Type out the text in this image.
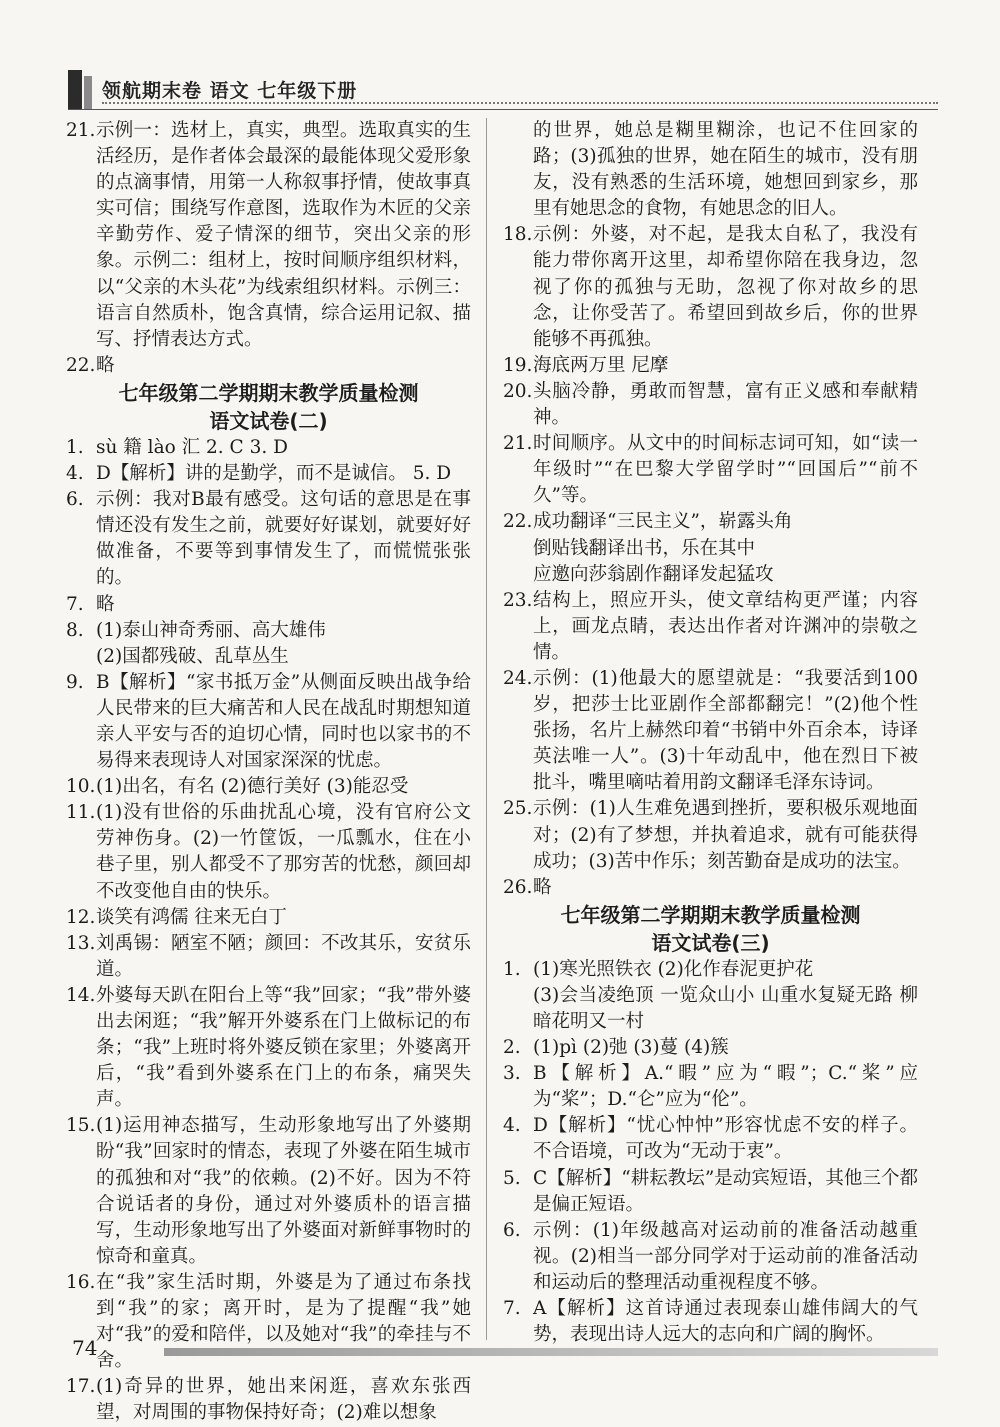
领航期末卷 语文 七年级下册
21. 示例一：选材上，真实，典型。选取真实的生活经历，是作者体会最深的最能体现父爱形象的点滴事情，用第一人称叙事抒情，使故事真实可信；围绕写作意图，选取作为木匠的父亲辛勤劳作、爱子情深的细节，突出父亲的形象。示例二：组材上，按时间顺序组织材料，以“父亲的木头花”为线索组织材料。示例三：语言自然质朴，饱含真情，综合运用记叙、描写、抒情表达方式。
22. 略
七年级第二学期期末教学质量检测
语文试卷(二)
1. sù 籍 lào 汇 2. C 3. D
4. D【解析】讲的是勤学，而不是诚信。 5. D
6. 示例：我对B最有感受。这句话的意思是在事情还没有发生之前，就要好好谋划，就要好好做准备，不要等到事情发生了，而慌慌张张的。
7. 略
8. (1)泰山神奇秀丽、高大雄伟
(2)国都残破、乱草丛生
9. B【解析】“家书抵万金”从侧面反映出战争给人民带来的巨大痛苦和人民在战乱时期想知道亲人平安与否的迫切心情，同时也以家书的不易得来表现诗人对国家深深的忧虑。
10. (1)出名，有名 (2)德行美好 (3)能忍受
11. (1)没有世俗的乐曲扰乱心境，没有官府公文劳神伤身。(2)一竹筐饭，一瓜瓢水，住在小巷子里，别人都受不了那穷苦的忧愁，颜回却不改变他自由的快乐。
12. 谈笑有鸿儒 往来无白丁
13. 刘禹锡：陋室不陋；颜回：不改其乐，安贫乐道。
14. 外婆每天趴在阳台上等“我”回家；“我”带外婆出去闲逛；“我”解开外婆系在门上做标记的布条；“我”上班时将外婆反锁在家里；外婆离开后，“我”看到外婆系在门上的布条，痛哭失声。
15. (1)运用神态描写，生动形象地写出了外婆期盼“我”回家时的情态，表现了外婆在陌生城市的孤独和对“我”的依赖。(2)不好。因为不符合说话者的身份，通过对外婆质朴的语言描写，生动形象地写出了外婆面对新鲜事物时的惊奇和童真。
16. 在“我”家生活时期，外婆是为了通过布条找到“我”的家；离开时，是为了提醒“我”她对“我”的爱和陪伴，以及她对“我”的牵挂与不舍。
17. (1)奇异的世界，她出来闲逛，喜欢东张西望，对周围的事物保持好奇；(2)难以想象
的世界，她总是糊里糊涂，也记不住回家的路；(3)孤独的世界，她在陌生的城市，没有朋友，没有熟悉的生活环境，她想回到家乡，那里有她思念的食物，有她思念的旧人。
18. 示例：外婆，对不起，是我太自私了，我没有能力带你离开这里，却希望你陪在我身边，忽视了你的孤独与无助，忽视了你对故乡的思念，让你受苦了。希望回到故乡后，你的世界能够不再孤独。
19. 海底两万里 尼摩
20. 头脑冷静，勇敢而智慧，富有正义感和奉献精神。
21. 时间顺序。从文中的时间标志词可知，如“读一年级时”“在巴黎大学留学时”“回国后”“前不久”等。
22. 成功翻译“三民主义”，崭露头角
倒贴钱翻译出书，乐在其中
应邀向莎翁剧作翻译发起猛攻
23. 结构上，照应开头，使文章结构更严谨；内容上，画龙点睛，表达出作者对许渊冲的崇敬之情。
24. 示例：(1)他最大的愿望就是：“我要活到100岁，把莎士比亚剧作全部都翻完！”(2)他个性张扬，名片上赫然印着“书销中外百余本，诗译英法唯一人”。(3)十年动乱中，他在烈日下被批斗，嘴里嘀咕着用韵文翻译毛泽东诗词。
25. 示例：(1)人生难免遇到挫折，要积极乐观地面对；(2)有了梦想，并执着追求，就有可能获得成功；(3)苦中作乐；刻苦勤奋是成功的法宝。
26. 略
七年级第二学期期末教学质量检测
语文试卷(三)
1. (1)寒光照铁衣 (2)化作春泥更护花
(3)会当凌绝顶 一览众山小 山重水复疑无路 柳暗花明又一村
2. (1)pì (2)弛 (3)蔓 (4)簇
3. B【解析】A.“暇”应为“暇”；C.“桨”应为“桨”；D.“仑”应为“伦”。
4. D【解析】“忧心忡忡”形容忧虑不安的样子。不合语境，可改为“无动于衷”。
5. C【解析】“耕耘教坛”是动宾短语，其他三个都是偏正短语。
6. 示例：(1)年级越高对运动前的准备活动越重视。(2)相当一部分同学对于运动前的准备活动和运动后的整理活动重视程度不够。
7. A【解析】这首诗通过表现泰山雄伟阔大的气势，表现出诗人远大的志向和广阔的胸怀。
74
